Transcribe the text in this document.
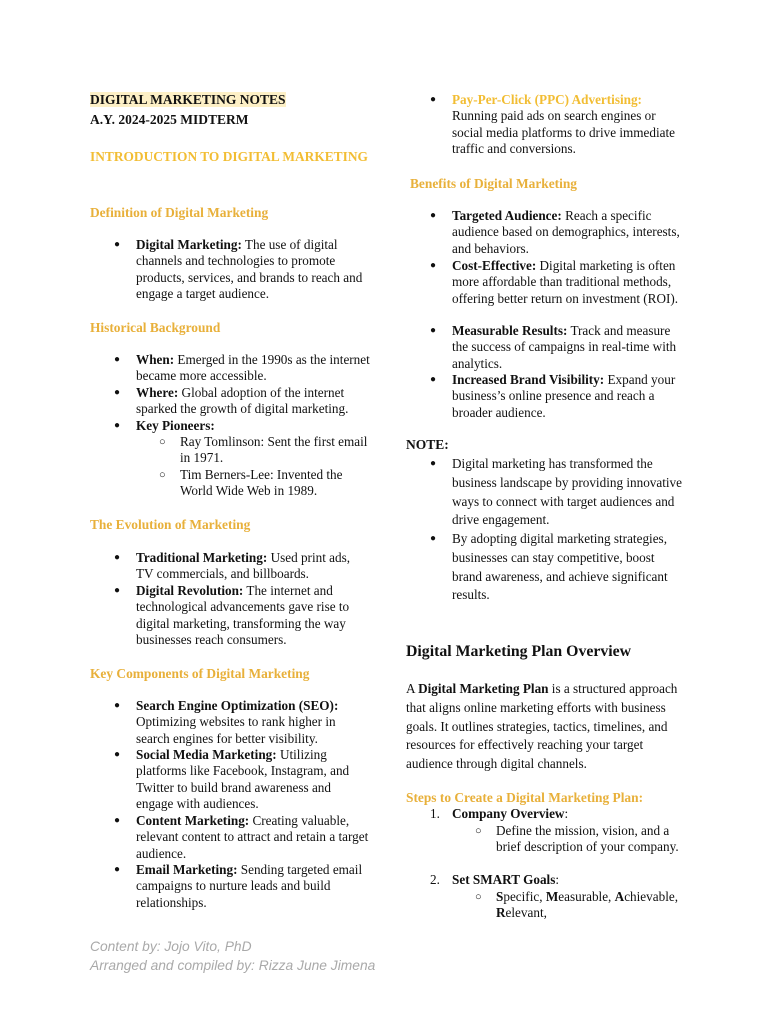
DIGITAL MARKETING NOTES
A.Y. 2024-2025 MIDTERM
INTRODUCTION TO DIGITAL MARKETING
Definition of Digital Marketing
● Digital Marketing: The use of digital channels and technologies to promote products, services, and brands to reach and engage a target audience.
Historical Background
● When: Emerged in the 1990s as the internet became more accessible.
● Where: Global adoption of the internet sparked the growth of digital marketing.
● Key Pioneers:
○ Ray Tomlinson: Sent the first email in 1971.
○ Tim Berners-Lee: Invented the World Wide Web in 1989.
The Evolution of Marketing
● Traditional Marketing: Used print ads, TV commercials, and billboards.
● Digital Revolution: The internet and technological advancements gave rise to digital marketing, transforming the way businesses reach consumers.
Key Components of Digital Marketing
● Search Engine Optimization (SEO): Optimizing websites to rank higher in search engines for better visibility.
● Social Media Marketing: Utilizing platforms like Facebook, Instagram, and Twitter to build brand awareness and engage with audiences.
● Content Marketing: Creating valuable, relevant content to attract and retain a target audience.
● Email Marketing: Sending targeted email campaigns to nurture leads and build relationships.
● Pay-Per-Click (PPC) Advertising:
Running paid ads on search engines or social media platforms to drive immediate traffic and conversions.
Benefits of Digital Marketing
● Targeted Audience: Reach a specific audience based on demographics, interests, and behaviors.
● Cost-Effective: Digital marketing is often more affordable than traditional methods, offering better return on investment (ROI).
● Measurable Results: Track and measure the success of campaigns in real-time with analytics.
● Increased Brand Visibility: Expand your business’s online presence and reach a broader audience.
NOTE:
● Digital marketing has transformed the business landscape by providing innovative ways to connect with target audiences and drive engagement.
● By adopting digital marketing strategies, businesses can stay competitive, boost brand awareness, and achieve significant results.
Digital Marketing Plan Overview
A Digital Marketing Plan is a structured approach that aligns online marketing efforts with business goals. It outlines strategies, tactics, timelines, and resources for effectively reaching your target audience through digital channels.
Steps to Create a Digital Marketing Plan:
1. Company Overview:
○ Define the mission, vision, and a brief description of your company.
2. Set SMART Goals:
○ Specific, Measurable, Achievable, Relevant,
Content by: Jojo Vito, PhD
Arranged and compiled by: Rizza June Jimena
